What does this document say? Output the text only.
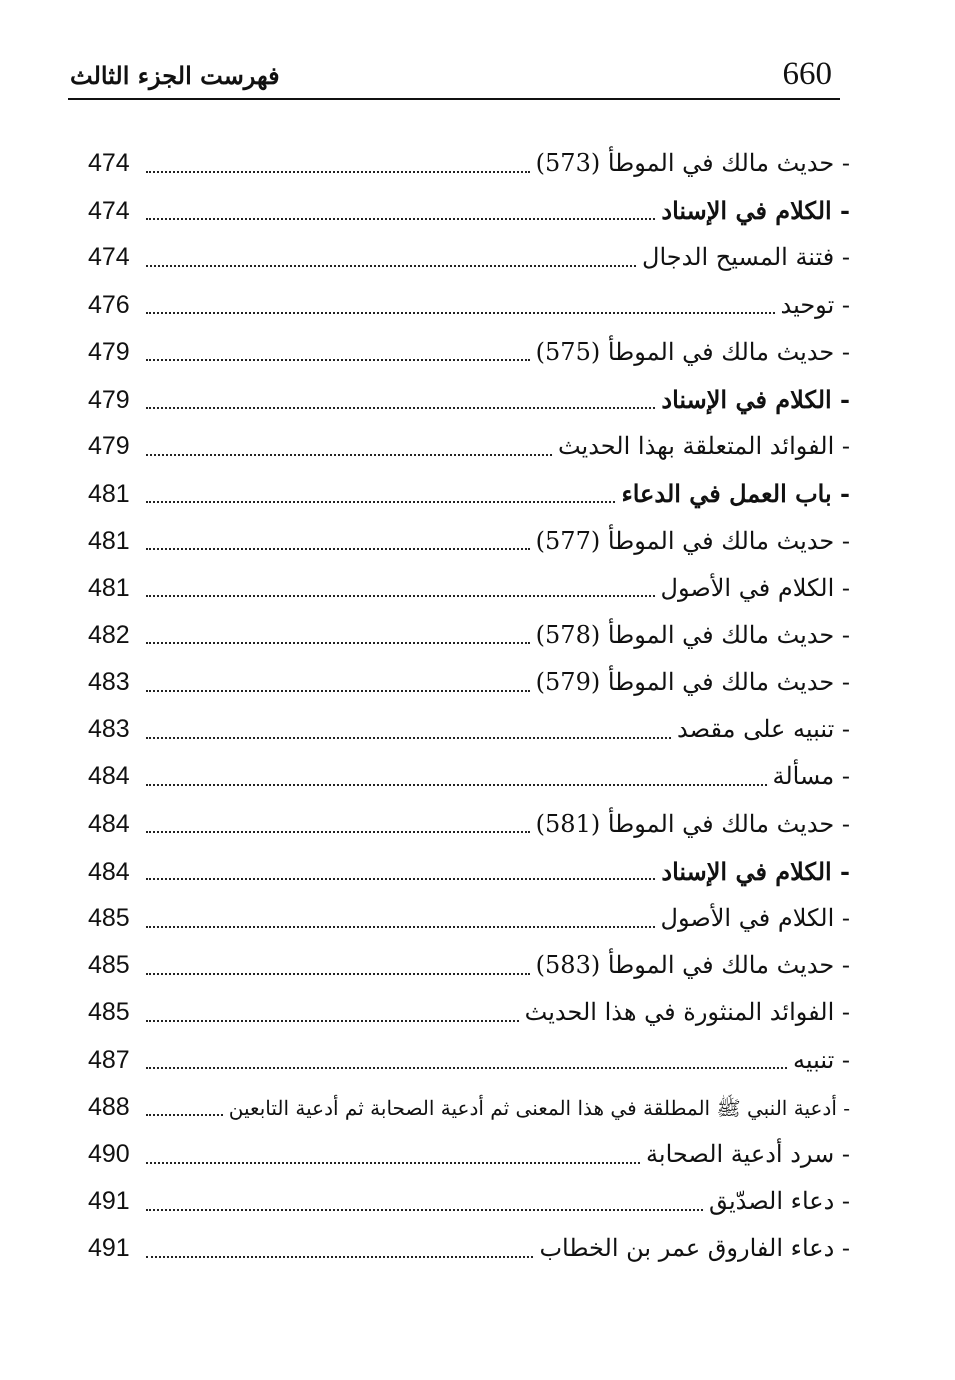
660
فهرست الجزء الثالث
- حديث مالك في الموطأ (573)
474
- الكلام في الإسناد
474
- فتنة المسيح الدجال
474
- توحيد
476
- حديث مالك في الموطأ (575)
479
- الكلام في الإسناد
479
- الفوائد المتعلقة بهذا الحديث
479
- باب العمل في الدعاء
481
- حديث مالك في الموطأ (577)
481
- الكلام في الأصول
481
- حديث مالك في الموطأ (578)
482
- حديث مالك في الموطأ (579)
483
- تنبيه على مقصد
483
- مسألة
484
- حديث مالك في الموطأ (581)
484
- الكلام في الإسناد
484
- الكلام في الأصول
485
- حديث مالك في الموطأ (583)
485
- الفوائد المنثورة في هذا الحديث
485
- تنبيه
487
- أدعية النبي ﷺ المطلقة في هذا المعنى ثم أدعية الصحابة ثم أدعية التابعين
488
- سرد أدعية الصحابة
490
- دعاء الصدّيق
491
- دعاء الفاروق عمر بن الخطاب
491
